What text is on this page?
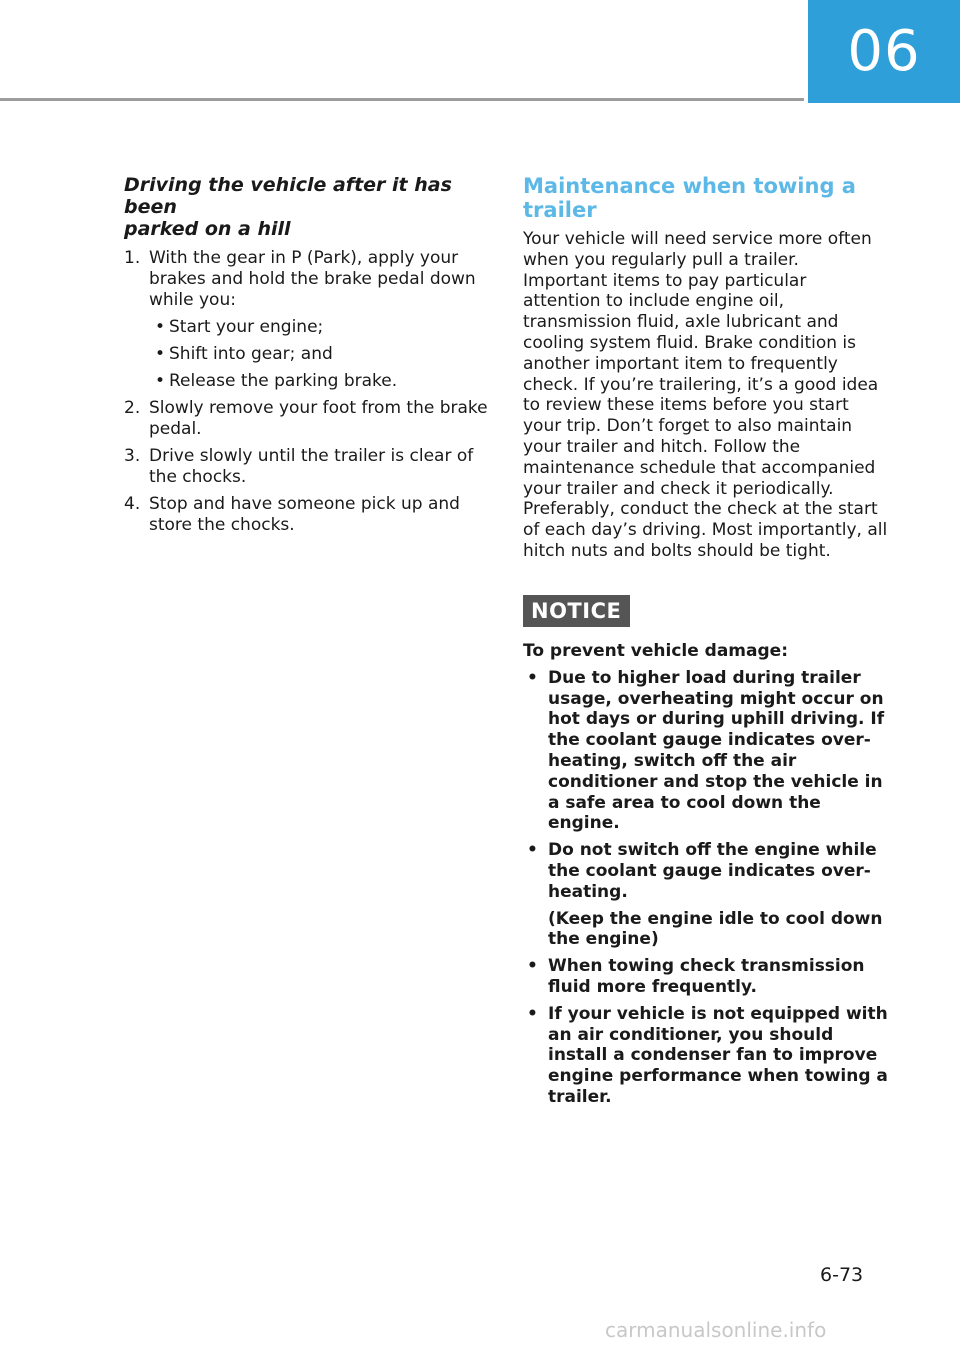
06
Driving the vehicle after it has been
parked on a hill
1. With the gear in P (Park), apply your brakes and hold the brake pedal down while you:
• Start your engine;
• Shift into gear; and
• Release the parking brake.
2. Slowly remove your foot from the brake pedal.
3. Drive slowly until the trailer is clear of the chocks.
4. Stop and have someone pick up and store the chocks.
Maintenance when towing a
trailer

Your vehicle will need service more often when you regularly pull a trailer. Important items to pay particular attention to include engine oil, transmission fluid, axle lubricant and cooling system fluid. Brake condition is another important item to frequently check. If you’re trailering, it’s a good idea to review these items before you start your trip. Don’t forget to also maintain your trailer and hitch. Follow the maintenance schedule that accompanied your trailer and check it periodically. Preferably, conduct the check at the start of each day’s driving. Most importantly, all hitch nuts and bolts should be tight.

NOTICE
To prevent vehicle damage:
• Due to higher load during trailer usage, overheating might occur on hot days or during uphill driving. If the coolant gauge indicates over-heating, switch off the air conditioner and stop the vehicle in a safe area to cool down the engine.
• Do not switch off the engine while the coolant gauge indicates over-heating.
(Keep the engine idle to cool down the engine)
• When towing check transmission fluid more frequently.
• If your vehicle is not equipped with an air conditioner, you should install a condenser fan to improve engine performance when towing a trailer.
6-73
carmanualsonline.info
